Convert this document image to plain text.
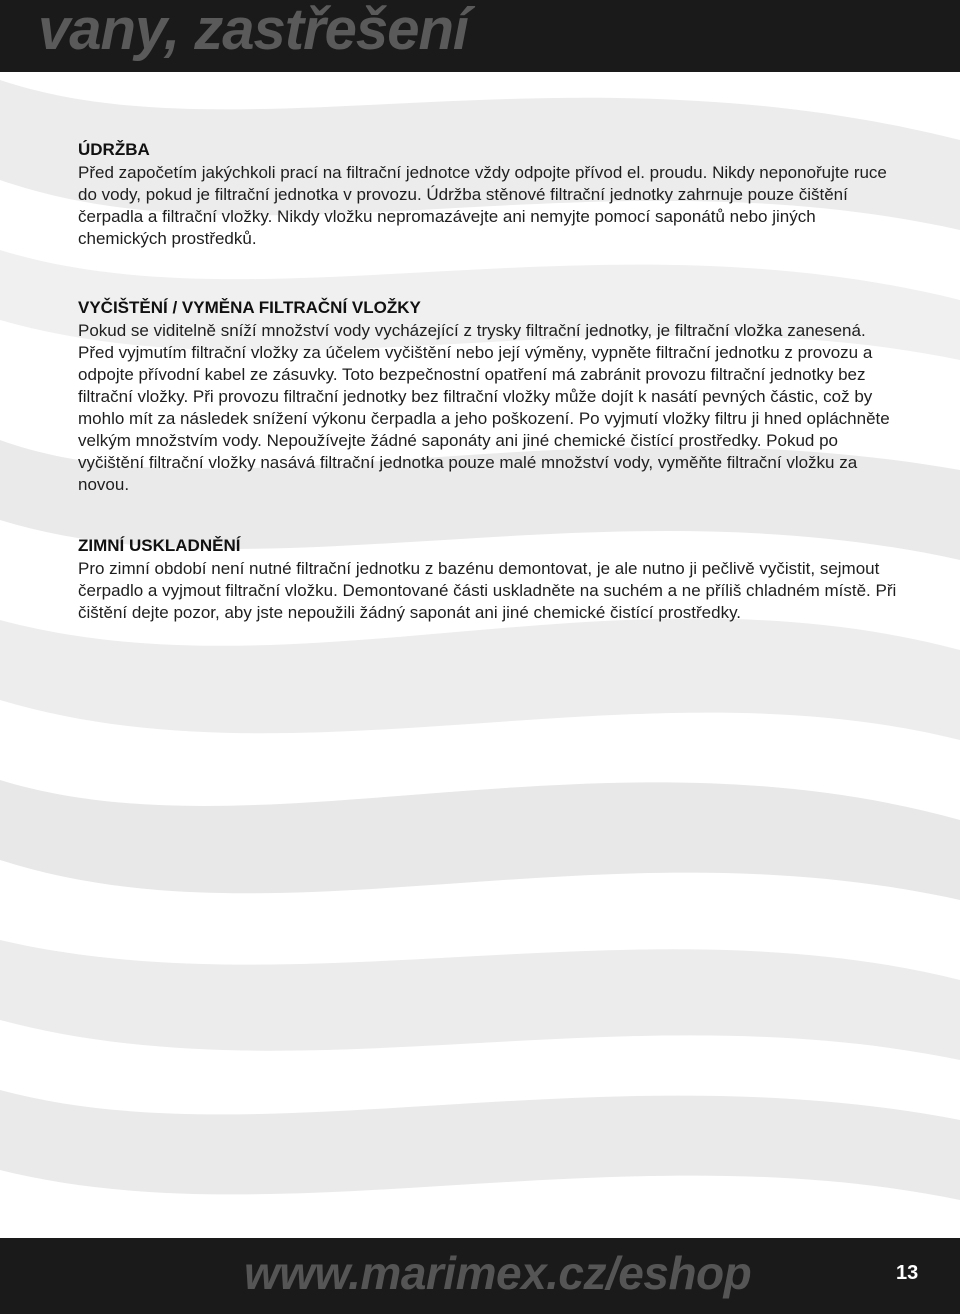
vany, zastřešení
ÚDRŽBA

Před započetím jakýchkoli prací na filtrační jednotce vždy odpojte přívod el. proudu. Nikdy neponořujte ruce do vody, pokud je filtrační jednotka v provozu. Údržba stěnové filtrační jednotky zahrnuje pouze čištění čerpadla a filtrační vložky. Nikdy vložku nepromazávejte ani nemyjte pomocí saponátů nebo jiných chemických prostředků.

VYČIŠTĚNÍ / VYMĚNA FILTRAČNÍ VLOŽKY

Pokud se viditelně sníží množství vody vycházející z trysky filtrační jednotky, je filtrační vložka zanesená. Před vyjmutím filtrační vložky za účelem vyčištění nebo její výměny, vypněte filtrační jednotku z provozu a odpojte přívodní kabel ze zásuvky. Toto bezpečnostní opatření má zabránit provozu filtrační jednotky bez filtrační vložky. Při provozu filtrační jednotky bez filtrační vložky může dojít k nasátí pevných částic, což by mohlo mít za následek snížení výkonu čerpadla a jeho poškození. Po vyjmutí vložky filtru ji hned opláchněte velkým množstvím vody. Nepoužívejte žádné saponáty ani jiné chemické čistící prostředky. Pokud po vyčištění filtrační vložky nasává filtrační jednotka pouze malé množství vody, vyměňte filtrační vložku za novou.

ZIMNÍ USKLADNĚNÍ

Pro zimní období není nutné filtrační jednotku z bazénu demontovat, je ale nutno ji pečlivě vyčistit, sejmout čerpadlo a vyjmout filtrační vložku. Demontované části uskladněte na suchém a ne příliš chladném místě. Při čištění dejte pozor, aby jste nepoužili žádný saponát ani jiné chemické čistící prostředky.

www.marimex.cz/eshop	13
